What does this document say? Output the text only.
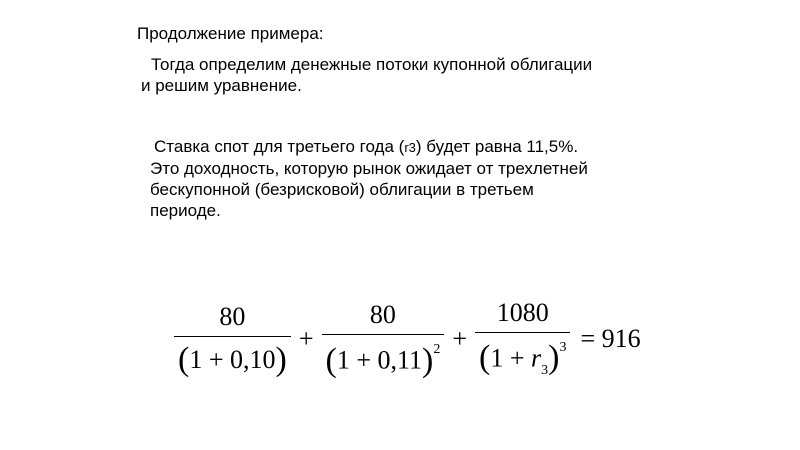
Продолжение примера:
Тогда определим денежные потоки купонной облигации
и решим уравнение.
Ставка спот для третьего года (r3) будет равна 11,5%.
Это доходность, которую рынок ожидает от трехлетней
бескупонной (безрисковой) облигации в третьем
периоде.
$\frac{80}{(1 + 0,10)} + \frac{80}{(1 + 0,11)^2} + \frac{1080}{(1 + r_3)^3} = 916$
